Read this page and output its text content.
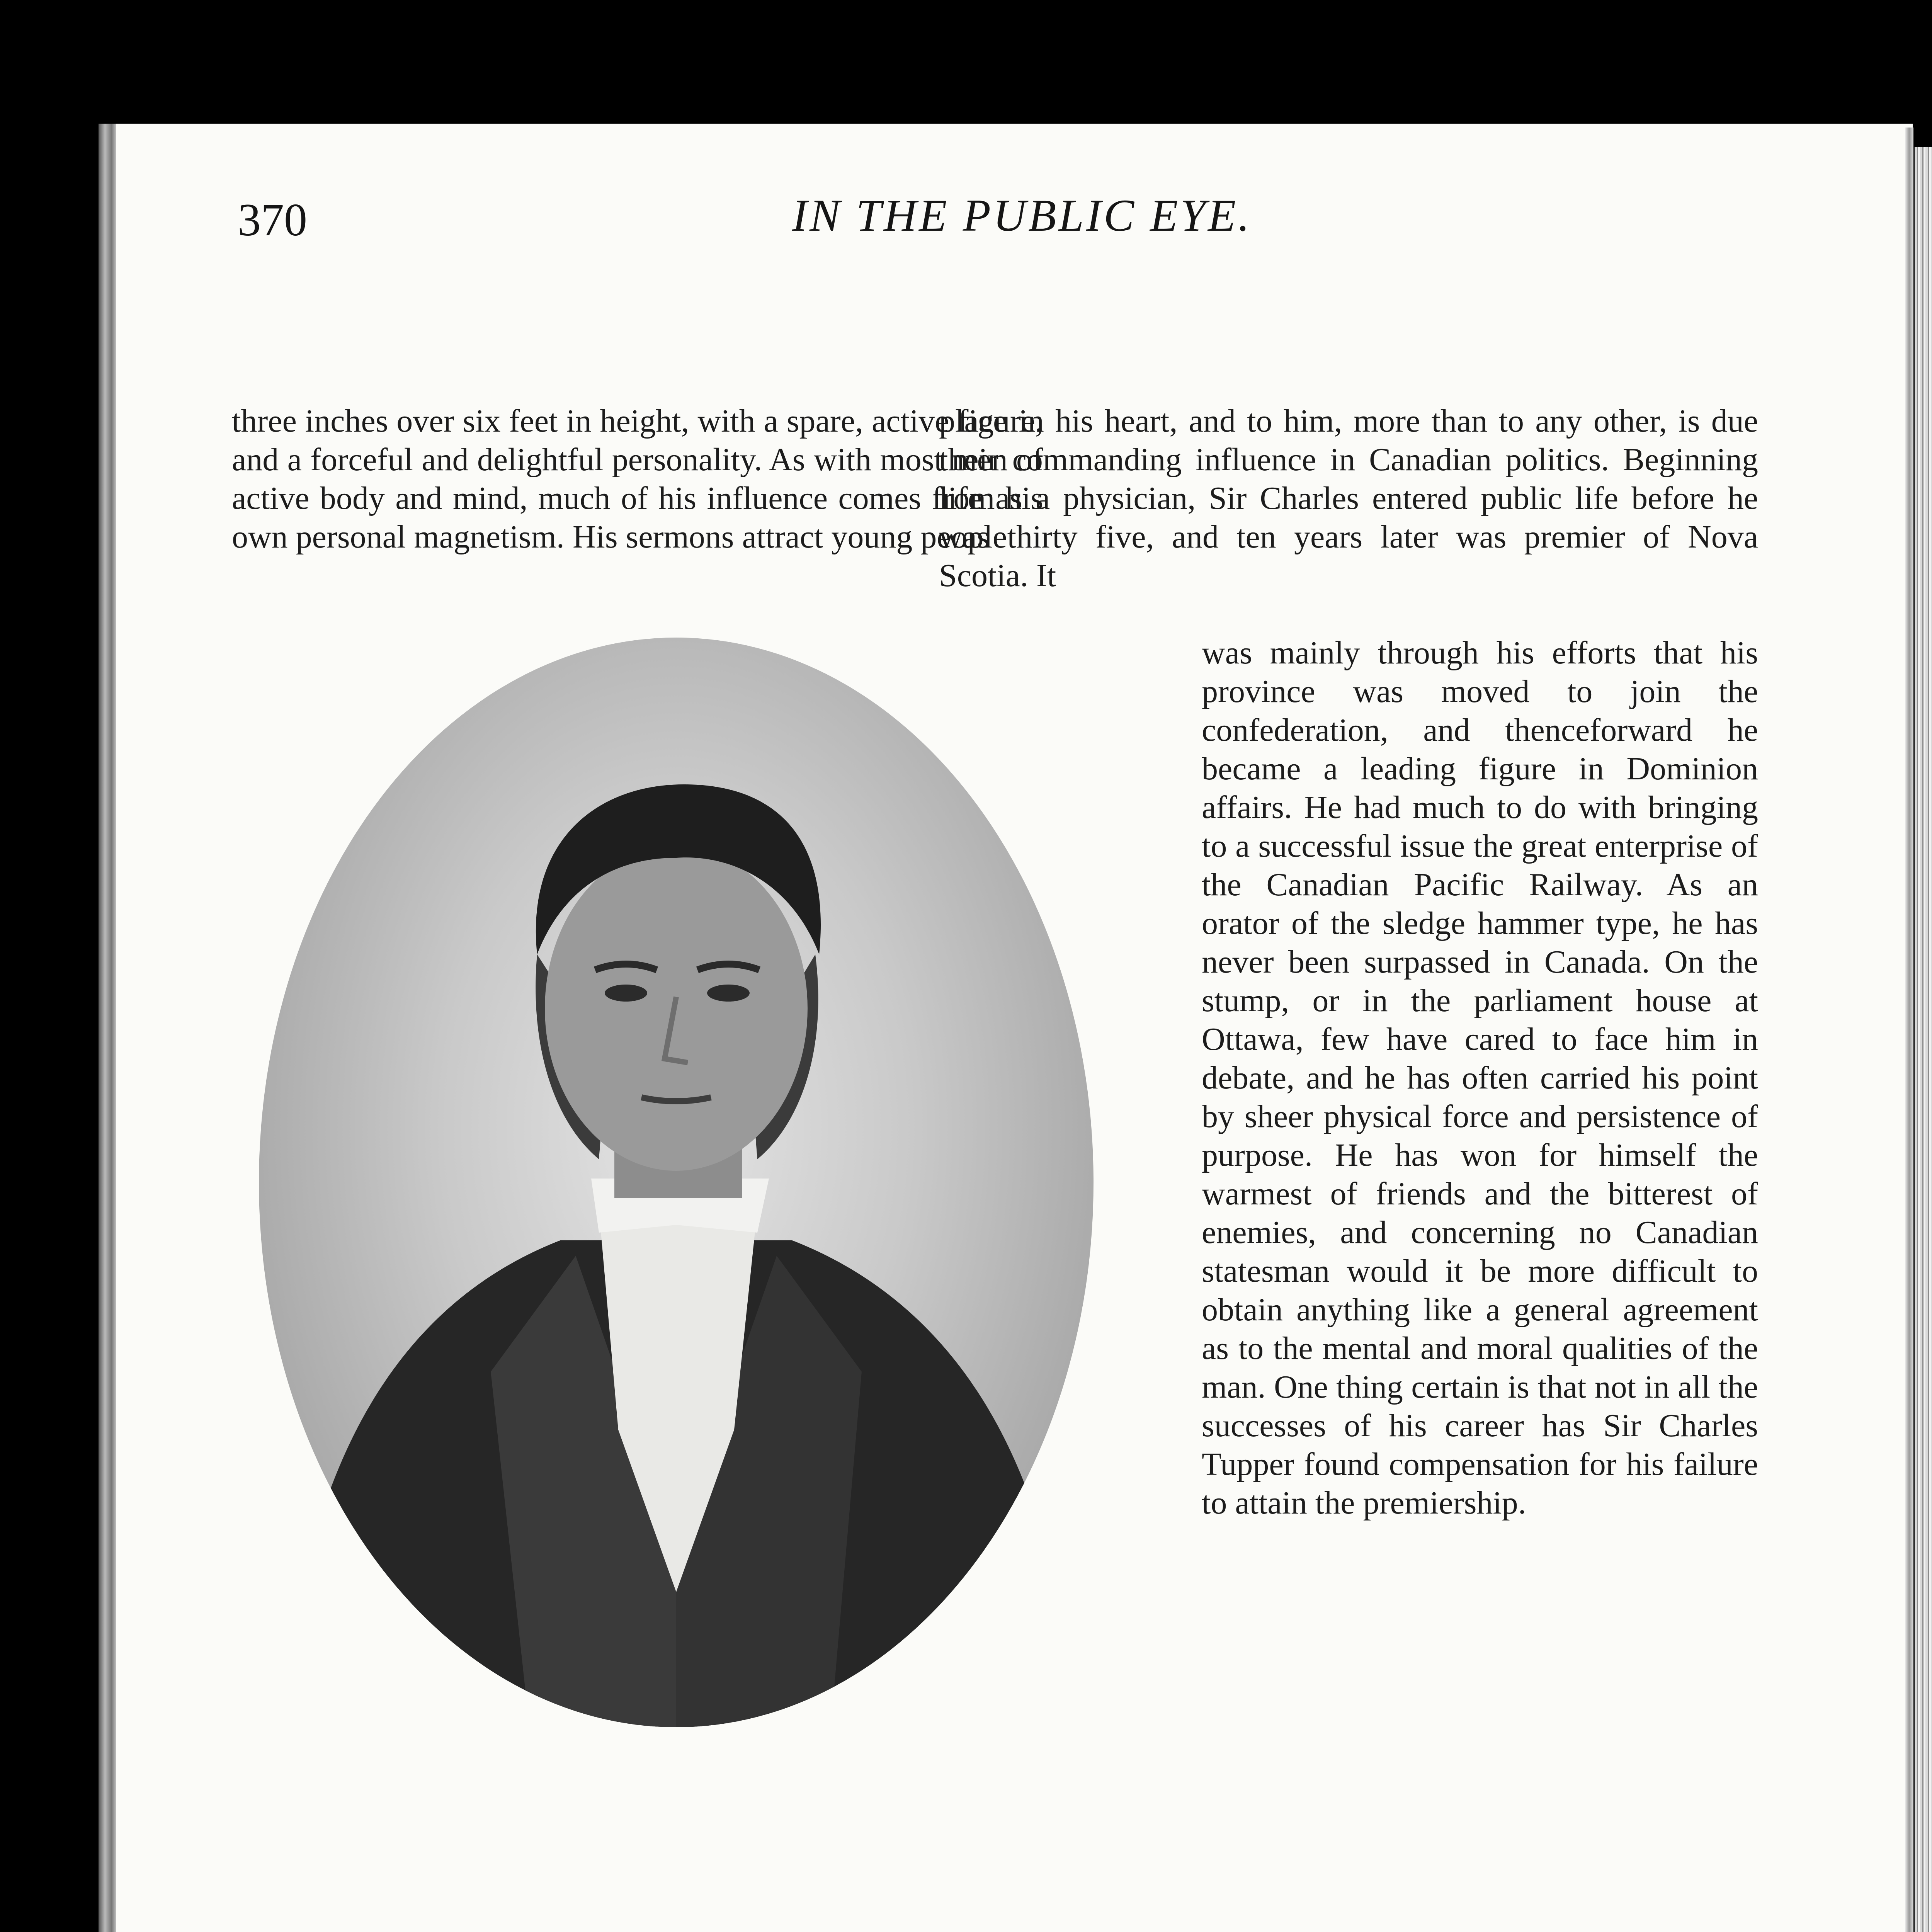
370	IN THE PUBLIC EYE.
three inches over six feet in height, with a spare, active figure, and a forceful and delightful personality. As with most men of active body and mind, much of his influence comes from his own personal magnetism. His sermons attract young people
place in his heart, and to him, more than to any other, is due their commanding influence in Canadian politics. Beginning life as a physician, Sir Charles entered public life before he was thirty five, and ten years later was premier of Nova Scotia. It
was mainly through his efforts that his province was moved to join the confederation, and thenceforward he became a leading figure in Dominion affairs. He had much to do with bringing to a successful issue the great enterprise of the Canadian Pacific Railway. As an orator of the sledge hammer type, he has never been surpassed in Canada. On the stump, or in the parliament house at Ottawa, few have cared to face him in debate, and he has often carried his point by sheer physical force and persistence of purpose. He has won for himself the warmest of friends and the bitterest of enemies, and concerning no Canadian statesman would it be more difficult to obtain anything like a general agreement as to the mental and moral qualities of the man. One thing certain is that not in all the successes of his career has Sir Charles Tupper found compensation for his failure to attain the premiership.
